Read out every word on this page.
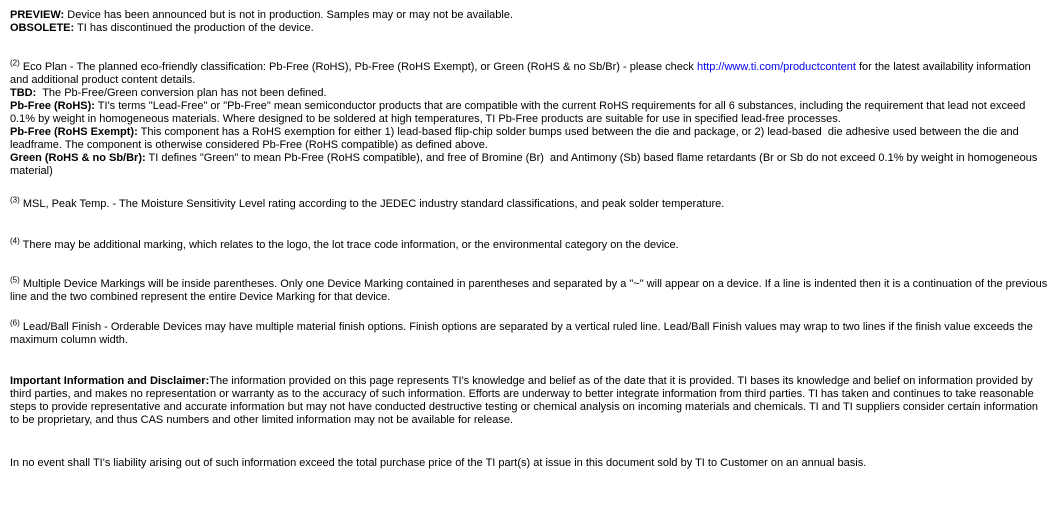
PREVIEW: Device has been announced but is not in production. Samples may or may not be available.
OBSOLETE: TI has discontinued the production of the device.
$^{(2)}$ Eco Plan - The planned eco-friendly classification: Pb-Free (RoHS), Pb-Free (RoHS Exempt), or Green (RoHS & no Sb/Br) - please check http://www.ti.com/productcontent for the latest availability information and additional product content details.
TBD:  The Pb-Free/Green conversion plan has not been defined.
Pb-Free (RoHS): TI's terms "Lead-Free" or "Pb-Free" mean semiconductor products that are compatible with the current RoHS requirements for all 6 substances, including the requirement that lead not exceed 0.1% by weight in homogeneous materials. Where designed to be soldered at high temperatures, TI Pb-Free products are suitable for use in specified lead-free processes.
Pb-Free (RoHS Exempt): This component has a RoHS exemption for either 1) lead-based flip-chip solder bumps used between the die and package, or 2) lead-based  die adhesive used between the die and leadframe. The component is otherwise considered Pb-Free (RoHS compatible) as defined above.
Green (RoHS & no Sb/Br): TI defines "Green" to mean Pb-Free (RoHS compatible), and free of Bromine (Br)  and Antimony (Sb) based flame retardants (Br or Sb do not exceed 0.1% by weight in homogeneous material)
$^{(3)}$ MSL, Peak Temp. - The Moisture Sensitivity Level rating according to the JEDEC industry standard classifications, and peak solder temperature.
$^{(4)}$ There may be additional marking, which relates to the logo, the lot trace code information, or the environmental category on the device.
$^{(5)}$ Multiple Device Markings will be inside parentheses. Only one Device Marking contained in parentheses and separated by a "~" will appear on a device. If a line is indented then it is a continuation of the previous line and the two combined represent the entire Device Marking for that device.
$^{(6)}$ Lead/Ball Finish - Orderable Devices may have multiple material finish options. Finish options are separated by a vertical ruled line. Lead/Ball Finish values may wrap to two lines if the finish value exceeds the maximum column width.
Important Information and Disclaimer:The information provided on this page represents TI's knowledge and belief as of the date that it is provided. TI bases its knowledge and belief on information provided by third parties, and makes no representation or warranty as to the accuracy of such information. Efforts are underway to better integrate information from third parties. TI has taken and continues to take reasonable steps to provide representative and accurate information but may not have conducted destructive testing or chemical analysis on incoming materials and chemicals. TI and TI suppliers consider certain information to be proprietary, and thus CAS numbers and other limited information may not be available for release.
In no event shall TI's liability arising out of such information exceed the total purchase price of the TI part(s) at issue in this document sold by TI to Customer on an annual basis.
